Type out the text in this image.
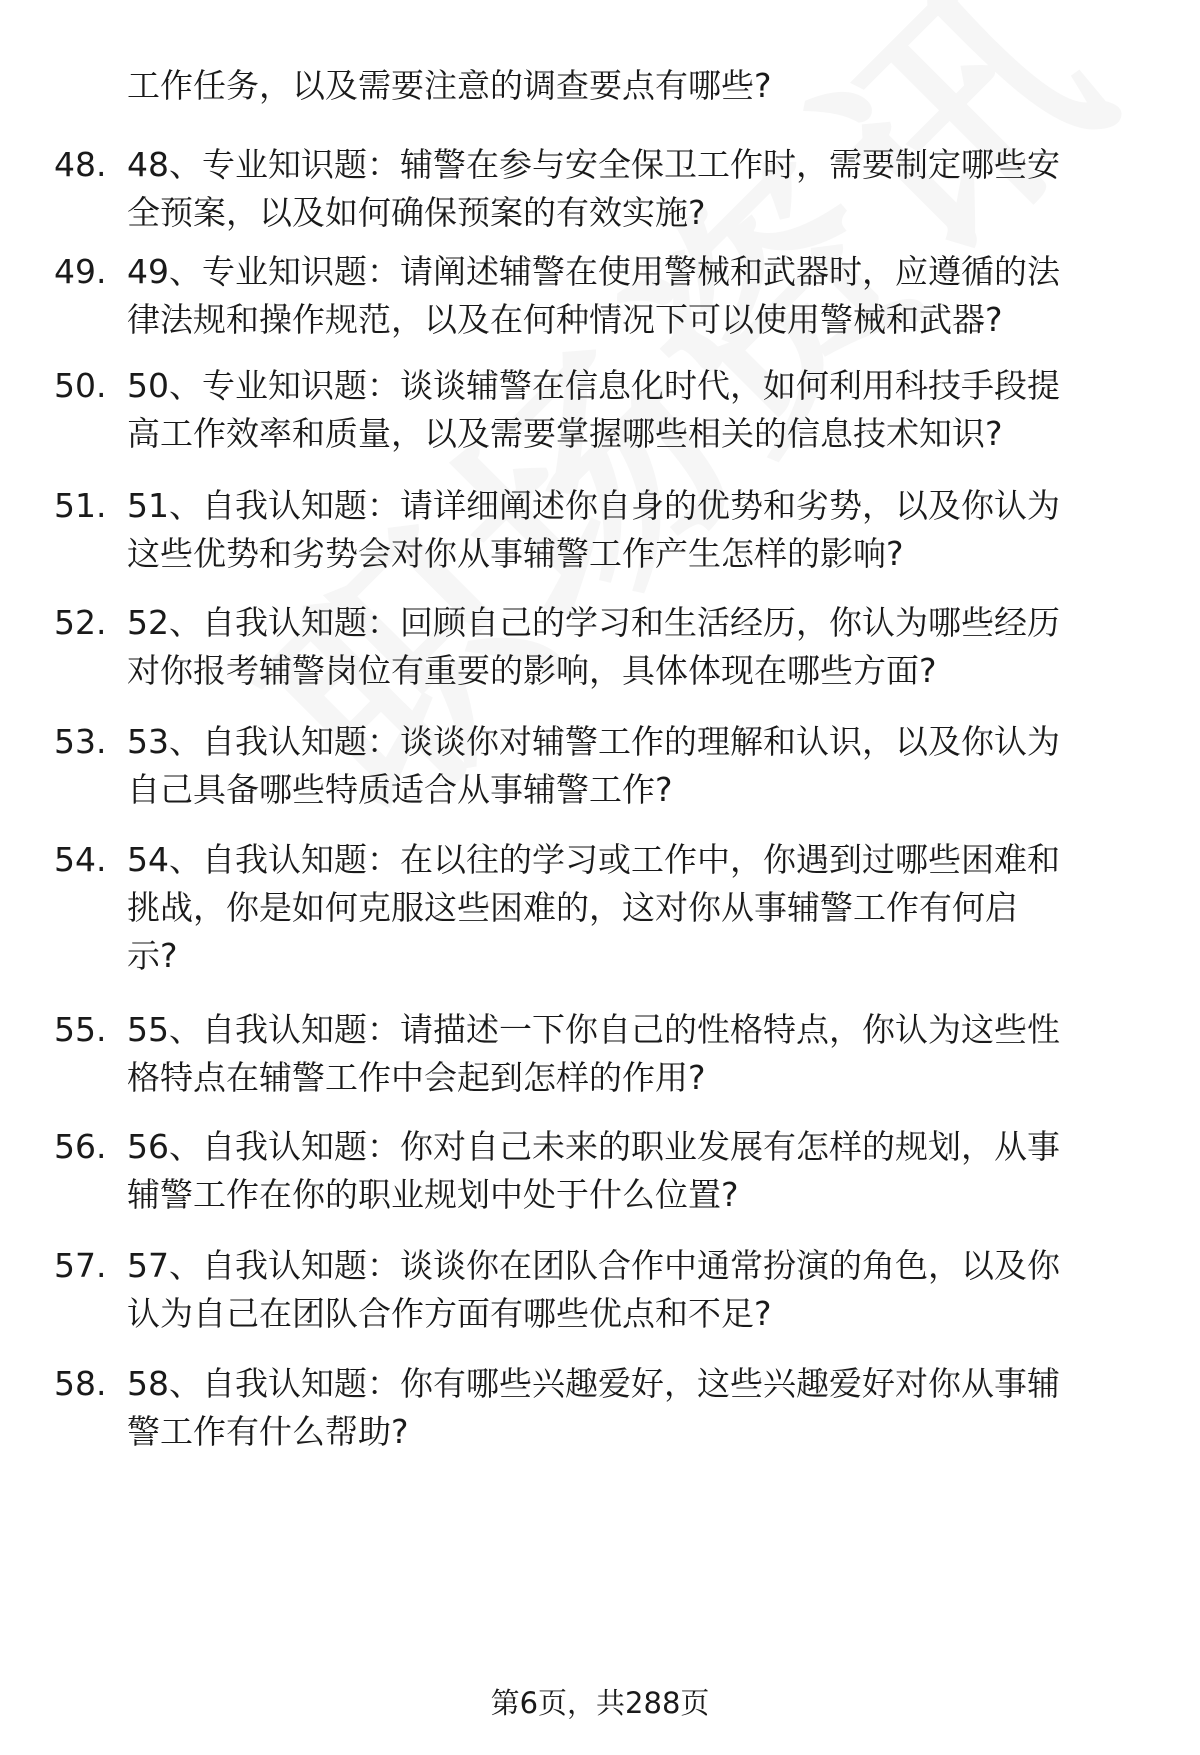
工作任务，以及需要注意的调查要点有哪些?
48. 48、专业知识题：辅警在参与安全保卫工作时，需要制定哪些安
全预案，以及如何确保预案的有效实施?
49. 49、专业知识题：请阐述辅警在使用警械和武器时，应遵循的法
律法规和操作规范，以及在何种情况下可以使用警械和武器?
50. 50、专业知识题：谈谈辅警在信息化时代，如何利用科技手段提
高工作效率和质量，以及需要掌握哪些相关的信息技术知识?
51. 51、自我认知题：请详细阐述你自身的优势和劣势，以及你认为
这些优势和劣势会对你从事辅警工作产生怎样的影响?
52. 52、自我认知题：回顾自己的学习和生活经历，你认为哪些经历
对你报考辅警岗位有重要的影响，具体体现在哪些方面?
53. 53、自我认知题：谈谈你对辅警工作的理解和认识，以及你认为
自己具备哪些特质适合从事辅警工作?
54. 54、自我认知题：在以往的学习或工作中，你遇到过哪些困难和
挑战，你是如何克服这些困难的，这对你从事辅警工作有何启
示?
55. 55、自我认知题：请描述一下你自己的性格特点，你认为这些性
格特点在辅警工作中会起到怎样的作用?
56. 56、自我认知题：你对自己未来的职业发展有怎样的规划，从事
辅警工作在你的职业规划中处于什么位置?
57. 57、自我认知题：谈谈你在团队合作中通常扮演的角色，以及你
认为自己在团队合作方面有哪些优点和不足?
58. 58、自我认知题：你有哪些兴趣爱好，这些兴趣爱好对你从事辅
警工作有什么帮助?
第6页，共288页
